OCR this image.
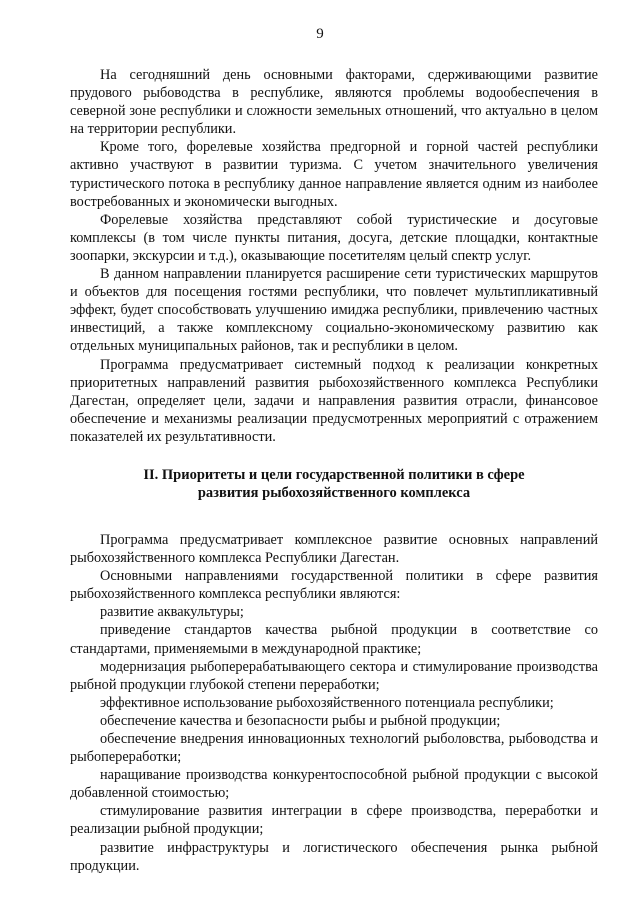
9

На сегодняшний день основными факторами, сдерживающими развитие прудового рыбоводства в республике, являются проблемы водообеспечения в северной зоне республики и сложности земельных отношений, что актуально в целом на территории республики.

Кроме того, форелевые хозяйства предгорной и горной частей республики активно участвуют в развитии туризма. С учетом значительного увеличения туристического потока в республику данное направление является одним из наиболее востребованных и экономически выгодных.

Форелевые хозяйства представляют собой туристические и досуговые комплексы (в том числе пункты питания, досуга, детские площадки, контактные зоопарки, экскурсии и т.д.), оказывающие посетителям целый спектр услуг.

В данном направлении планируется расширение сети туристических маршрутов и объектов для посещения гостями республики, что повлечет мультипликативный эффект, будет способствовать улучшению имиджа республики, привлечению частных инвестиций, а также комплексному социально-экономическому развитию как отдельных муниципальных районов, так и республики в целом.

Программа предусматривает системный подход к реализации конкретных приоритетных направлений развития рыбохозяйственного комплекса Республики Дагестан, определяет цели, задачи и направления развития отрасли, финансовое обеспечение и механизмы реализации предусмотренных мероприятий с отражением показателей их результативности.

II. Приоритеты и цели государственной политики в сфере
развития рыбохозяйственного комплекса

Программа предусматривает комплексное развитие основных направлений рыбохозяйственного комплекса Республики Дагестан.

Основными направлениями государственной политики в сфере развития рыбохозяйственного комплекса республики являются:

развитие аквакультуры;

приведение стандартов качества рыбной продукции в соответствие со стандартами, применяемыми в международной практике;

модернизация рыбоперерабатывающего сектора и стимулирование производства рыбной продукции глубокой степени переработки;

эффективное использование рыбохозяйственного потенциала республики;

обеспечение качества и безопасности рыбы и рыбной продукции;

обеспечение внедрения инновационных технологий рыболовства, рыбоводства и рыбопереработки;

наращивание производства конкурентоспособной рыбной продукции с высокой добавленной стоимостью;

стимулирование развития интеграции в сфере производства, переработки и реализации рыбной продукции;

развитие инфраструктуры и логистического обеспечения рынка рыбной продукции.
